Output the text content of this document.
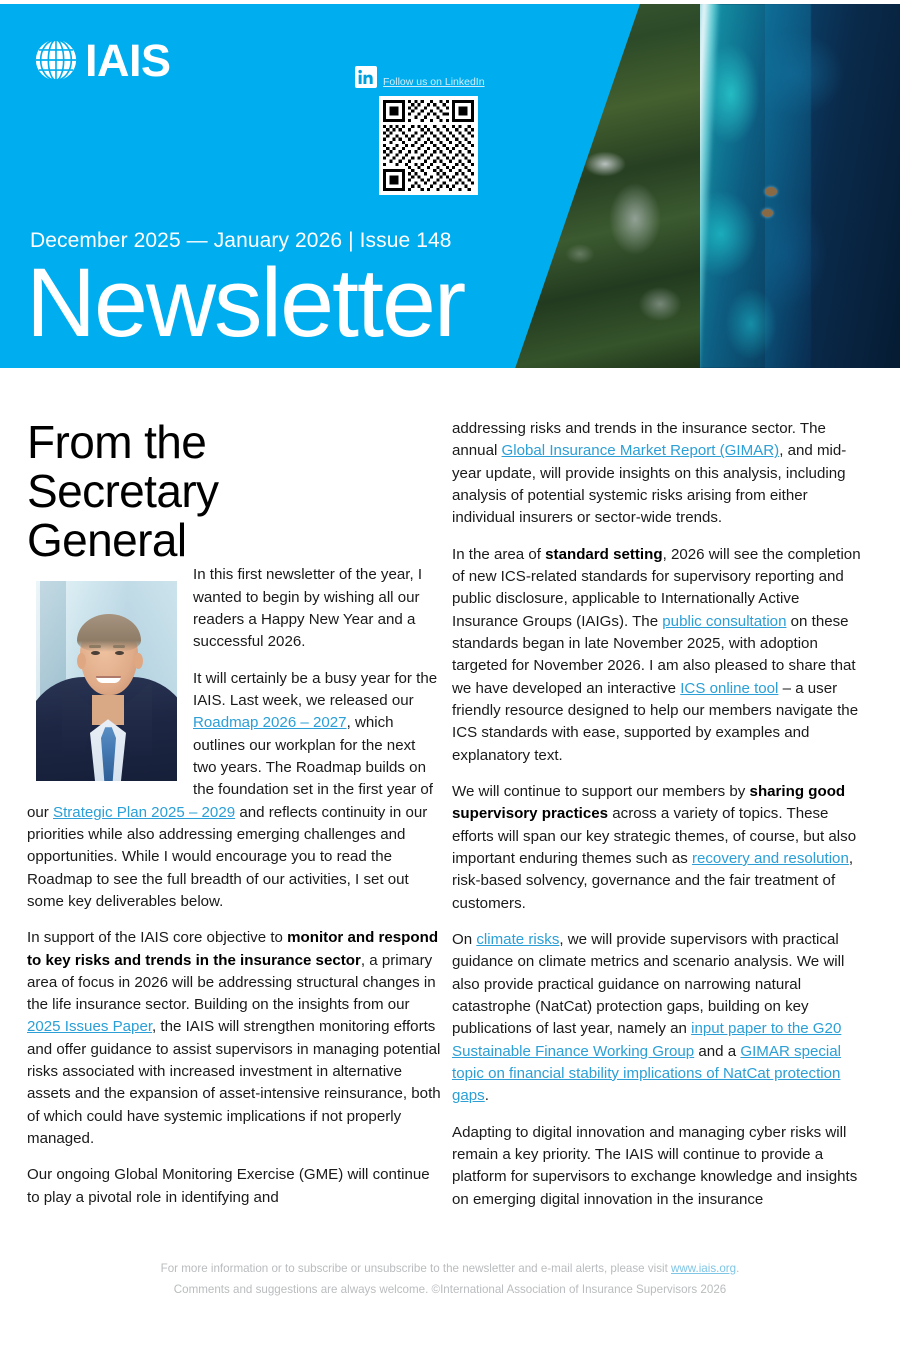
IAIS	Follow us on LinkedIn
December 2025 — January 2026 | Issue 148
Newsletter
From the
Secretary
General

In this first newsletter of the year, I wanted to begin by wishing all our readers a Happy New Year and a successful 2026.

It will certainly be a busy year for the IAIS. Last week, we released our Roadmap 2026 – 2027, which outlines our workplan for the next two years. The Roadmap builds on the foundation set in the first year of our Strategic Plan 2025 – 2029 and reflects continuity in our priorities while also addressing emerging challenges and opportunities. While I would encourage you to read the Roadmap to see the full breadth of our activities, I set out some key deliverables below.

In support of the IAIS core objective to monitor and respond to key risks and trends in the insurance sector, a primary area of focus in 2026 will be addressing structural changes in the life insurance sector. Building on the insights from our 2025 Issues Paper, the IAIS will strengthen monitoring efforts and offer guidance to assist supervisors in managing potential risks associated with increased investment in alternative assets and the expansion of asset-intensive reinsurance, both of which could have systemic implications if not properly managed.

Our ongoing Global Monitoring Exercise (GME) will continue to play a pivotal role in identifying and

addressing risks and trends in the insurance sector. The annual Global Insurance Market Report (GIMAR), and mid-year update, will provide insights on this analysis, including analysis of potential systemic risks arising from either individual insurers or sector-wide trends.

In the area of standard setting, 2026 will see the completion of new ICS-related standards for supervisory reporting and public disclosure, applicable to Internationally Active Insurance Groups (IAIGs). The public consultation on these standards began in late November 2025, with adoption targeted for November 2026. I am also pleased to share that we have developed an interactive ICS online tool – a user friendly resource designed to help our members navigate the ICS standards with ease, supported by examples and explanatory text.

We will continue to support our members by sharing good supervisory practices across a variety of topics. These efforts will span our key strategic themes, of course, but also important enduring themes such as recovery and resolution, risk-based solvency, governance and the fair treatment of customers.

On climate risks, we will provide supervisors with practical guidance on climate metrics and scenario analysis. We will also provide practical guidance on narrowing natural catastrophe (NatCat) protection gaps, building on key publications of last year, namely an input paper to the G20 Sustainable Finance Working Group and a GIMAR special topic on financial stability implications of NatCat protection gaps.

Adapting to digital innovation and managing cyber risks will remain a key priority. The IAIS will continue to provide a platform for supervisors to exchange knowledge and insights on emerging digital innovation in the insurance

For more information or to subscribe or unsubscribe to the newsletter and e-mail alerts, please visit www.iais.org.
Comments and suggestions are always welcome. ©International Association of Insurance Supervisors 2026
